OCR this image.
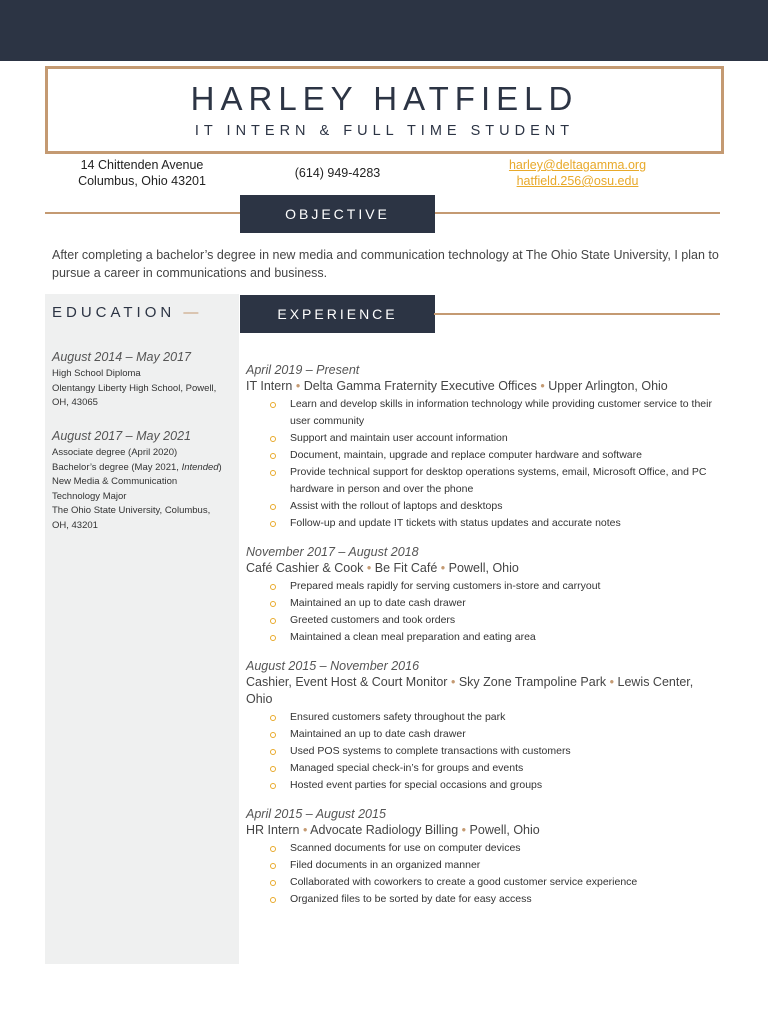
HARLEY HATFIELD
IT INTERN & FULL TIME STUDENT
14 Chittenden Avenue
Columbus, Ohio 43201
(614) 949-4283
harley@deltagamma.org
hatfield.256@osu.edu
OBJECTIVE
After completing a bachelor’s degree in new media and communication technology at The Ohio State University, I plan to pursue a career in communications and business.
EDUCATION —
August 2014 – May 2017
High School Diploma
Olentangy Liberty High School, Powell,
OH, 43065
August 2017 – May 2021
Associate degree (April 2020)
Bachelor’s degree (May 2021, Intended)
New Media & Communication
Technology Major
The Ohio State University, Columbus,
OH, 43201
EXPERIENCE
April 2019 – Present
IT Intern • Delta Gamma Fraternity Executive Offices • Upper Arlington, Ohio
Learn and develop skills in information technology while providing customer service to their user community
Support and maintain user account information
Document, maintain, upgrade and replace computer hardware and software
Provide technical support for desktop operations systems, email, Microsoft Office, and PC hardware in person and over the phone
Assist with the rollout of laptops and desktops
Follow-up and update IT tickets with status updates and accurate notes
November 2017 – August 2018
Café Cashier & Cook • Be Fit Café • Powell, Ohio
Prepared meals rapidly for serving customers in-store and carryout
Maintained an up to date cash drawer
Greeted customers and took orders
Maintained a clean meal preparation and eating area
August 2015 – November 2016
Cashier, Event Host & Court Monitor • Sky Zone Trampoline Park • Lewis Center, Ohio
Ensured customers safety throughout the park
Maintained an up to date cash drawer
Used POS systems to complete transactions with customers
Managed special check-in’s for groups and events
Hosted event parties for special occasions and groups
April 2015 – August 2015
HR Intern • Advocate Radiology Billing • Powell, Ohio
Scanned documents for use on computer devices
Filed documents in an organized manner
Collaborated with coworkers to create a good customer service experience
Organized files to be sorted by date for easy access
